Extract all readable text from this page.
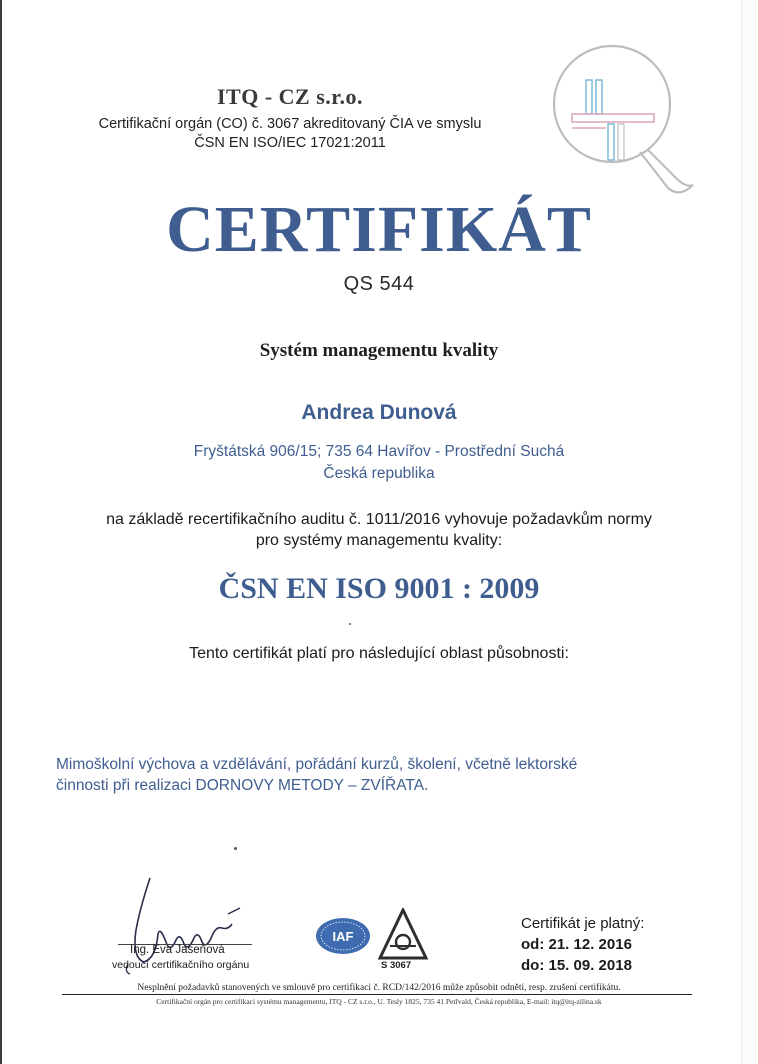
ITQ - CZ s.r.o.
Certifikační orgán (CO) č. 3067 akreditovaný ČIA ve smyslu
ČSN EN ISO/IEC 17021:2011
CERTIFIKÁT
QS 544
Systém managementu kvality
Andrea Dunová
Fryštátská 906/15; 735 64 Havířov - Prostřední Suchá
Česká republika
na základě recertifikačního auditu č. 1011/2016 vyhovuje požadavkům normy
pro systémy managementu kvality:
ČSN EN ISO 9001 : 2009
Tento certifikát platí pro následující oblast působnosti:
Mimoškolní výchova a vzdělávání, pořádání kurzů, školení, včetně lektorské
činnosti při realizaci DORNOVY METODY – ZVÍŘATA.
Ing. Eva Jaseňová
vedoucí certifikačního orgánu
IAF
S 3067
Certifikát je platný:
od: 21. 12. 2016
do: 15. 09. 2018
Nesplnění požadavků stanovených ve smlouvě pro certifikaci č. RCD/142/2016 může způsobit odnětí, resp. zrušení certifikátu.
Certifikační orgán pro certifikaci systému managementu, ITQ - CZ s.r.o., U. Tesly 1825, 735 41 Petřvald, Česká republika, E-mail: itq@itq-zilina.sk
